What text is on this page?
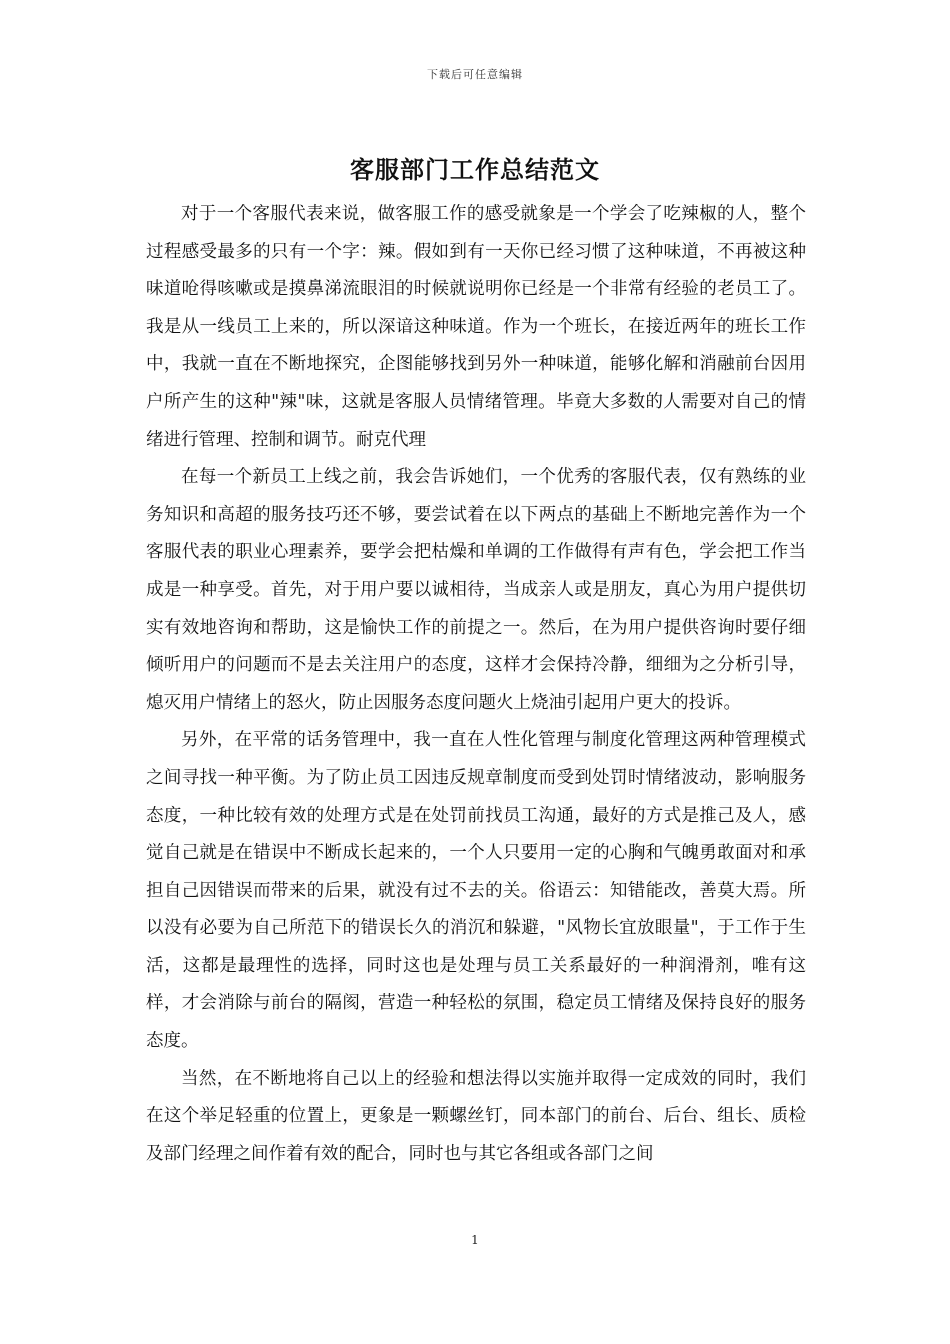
下载后可任意编辑
客服部门工作总结范文

对于一个客服代表来说，做客服工作的感受就象是一个学会了吃辣椒的人，整个过程感受最多的只有一个字：辣。假如到有一天你已经习惯了这种味道，不再被这种味道呛得咳嗽或是摸鼻涕流眼泪的时候就说明你已经是一个非常有经验的老员工了。我是从一线员工上来的，所以深谙这种味道。作为一个班长，在接近两年的班长工作中，我就一直在不断地探究，企图能够找到另外一种味道，能够化解和消融前台因用户所产生的这种"辣"味，这就是客服人员情绪管理。毕竟大多数的人需要对自己的情绪进行管理、控制和调节。耐克代理

在每一个新员工上线之前，我会告诉她们，一个优秀的客服代表，仅有熟练的业务知识和高超的服务技巧还不够，要尝试着在以下两点的基础上不断地完善作为一个客服代表的职业心理素养，要学会把枯燥和单调的工作做得有声有色，学会把工作当成是一种享受。首先，对于用户要以诚相待，当成亲人或是朋友，真心为用户提供切实有效地咨询和帮助，这是愉快工作的前提之一。然后，在为用户提供咨询时要仔细倾听用户的问题而不是去关注用户的态度，这样才会保持冷静，细细为之分析引导，熄灭用户情绪上的怒火，防止因服务态度问题火上烧油引起用户更大的投诉。

另外，在平常的话务管理中，我一直在人性化管理与制度化管理这两种管理模式之间寻找一种平衡。为了防止员工因违反规章制度而受到处罚时情绪波动，影响服务态度，一种比较有效的处理方式是在处罚前找员工沟通，最好的方式是推己及人，感觉自己就是在错误中不断成长起来的，一个人只要用一定的心胸和气魄勇敢面对和承担自己因错误而带来的后果，就没有过不去的关。俗语云：知错能改，善莫大焉。所以没有必要为自己所范下的错误长久的消沉和躲避，"风物长宜放眼量"，于工作于生活，这都是最理性的选择，同时这也是处理与员工关系最好的一种润滑剂，唯有这样，才会消除与前台的隔阂，营造一种轻松的氛围，稳定员工情绪及保持良好的服务态度。

当然，在不断地将自己以上的经验和想法得以实施并取得一定成效的同时，我们在这个举足轻重的位置上，更象是一颗螺丝钉，同本部门的前台、后台、组长、质检及部门经理之间作着有效的配合，同时也与其它各组或各部门之间

1
